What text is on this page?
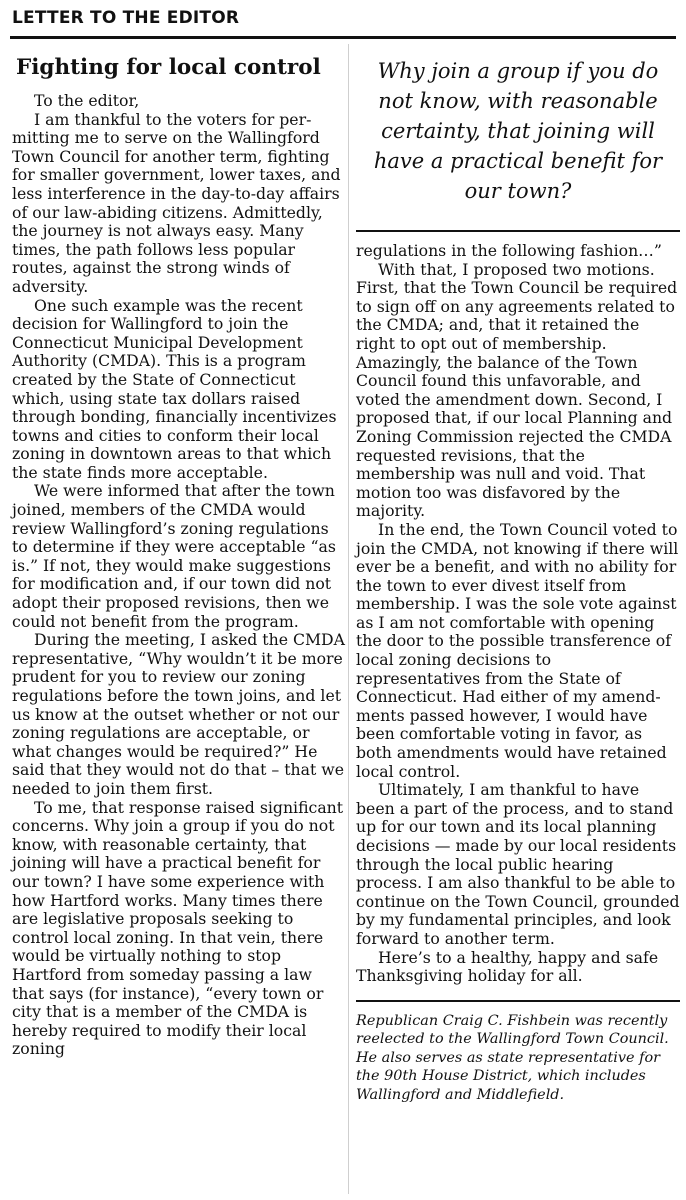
LETTER TO THE EDITOR
Fighting for local control

To the editor,

I am thankful to the voters for permitting me to serve on the Wallingford Town Council for another term, fighting for smaller government, lower taxes, and less interference in the day-to-day affairs of our law-abiding citizens. Admittedly, the journey is not always easy. Many times, the path follows less popular routes, against the strong winds of adversity.

One such example was the recent decision for Wallingford to join the Connecticut Municipal Development Authority (CMDA). This is a program created by the State of Connecticut which, using state tax dollars raised through bonding, financially incentivizes towns and cities to conform their local zoning in downtown areas to that which the state finds more acceptable.

We were informed that after the town joined, members of the CMDA would review Wallingford’s zoning regulations to determine if they were acceptable “as is.” If not, they would make suggestions for modification and, if our town did not adopt their proposed revisions, then we could not benefit from the program.

During the meeting, I asked the CMDA representative, “Why wouldn’t it be more prudent for you to review our zoning regulations before the town joins, and let us know at the outset whether or not our zoning regulations are acceptable, or what changes would be required?” He said that they would not do that – that we needed to join them first.

To me, that response raised significant concerns. Why join a group if you do not know, with reasonable certainty, that joining will have a practical benefit for our town? I have some experience with how Hartford works. Many times there are legislative proposals seeking to control local zoning. In that vein, there would be virtually nothing to stop Hartford from someday passing a law that says (for instance), “every town or city that is a member of the CMDA is hereby required to modify their local zoning

Why join a group if you do not know, with reasonable certainty, that joining will have a practical benefit for our town?

regulations in the following fashion…”

With that, I proposed two motions. First, that the Town Council be required to sign off on any agreements related to the CMDA; and, that it retained the right to opt out of membership. Amazingly, the balance of the Town Council found this unfavorable, and voted the amendment down. Second, I proposed that, if our local Planning and Zoning Commission rejected the CMDA requested revisions, that the membership was null and void. That motion too was disfavored by the majority.

In the end, the Town Council voted to join the CMDA, not knowing if there will ever be a benefit, and with no ability for the town to ever divest itself from membership. I was the sole vote against as I am not comfortable with opening the door to the possible transference of local zoning decisions to representatives from the State of Connecticut. Had either of my amendments passed however, I would have been comfortable voting in favor, as both amendments would have retained local control.

Ultimately, I am thankful to have been a part of the process, and to stand up for our town and its local planning decisions — made by our local residents through the local public hearing process. I am also thankful to be able to continue on the Town Council, grounded by my fundamental principles, and look forward to another term.

Here’s to a healthy, happy and safe Thanksgiving holiday for all.

Republican Craig C. Fishbein was recently reelected to the Wallingford Town Council. He also serves as state representative for the 90th House District, which includes Wallingford and Middlefield.
